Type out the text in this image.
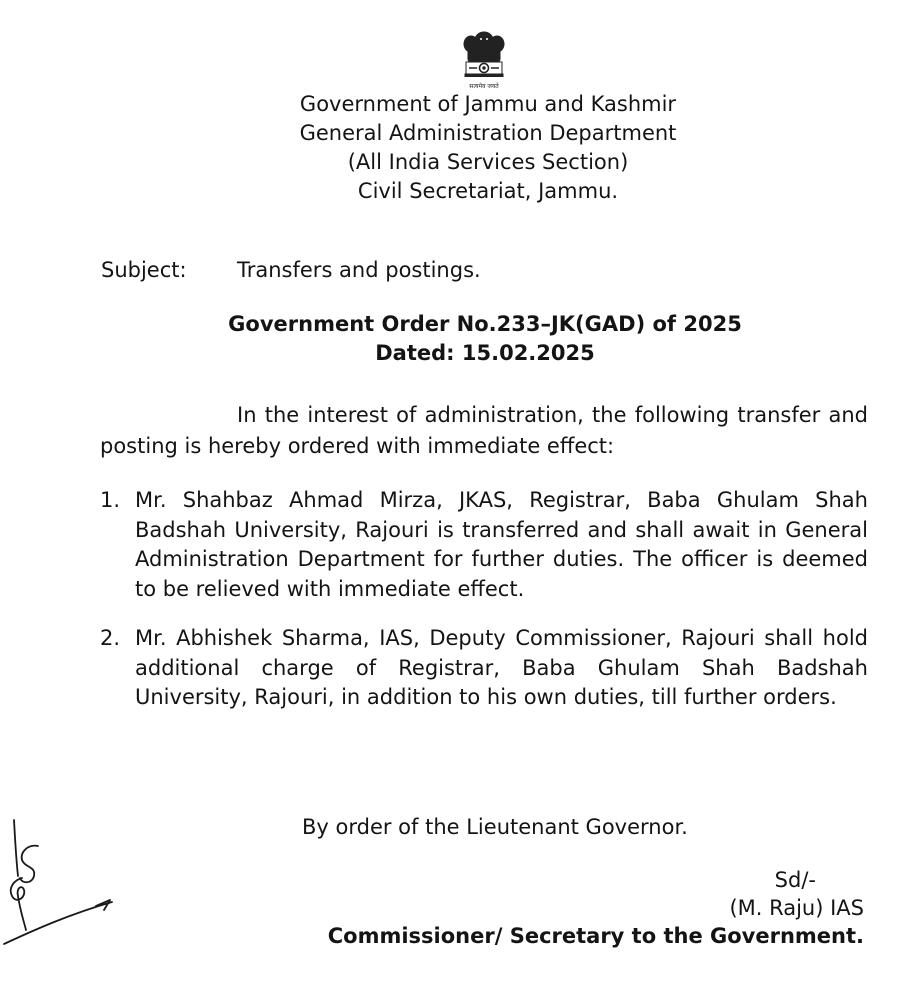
सत्यमेव जयते
Government of Jammu and Kashmir
General Administration Department
(All India Services Section)
Civil Secretariat, Jammu.
Subject: Transfers and postings.
Government Order No.233–JK(GAD) of 2025
Dated: 15.02.2025
In the interest of administration, the following transfer and posting is hereby ordered with immediate effect:
1. Mr. Shahbaz Ahmad Mirza, JKAS, Registrar, Baba Ghulam Shah Badshah University, Rajouri is transferred and shall await in General Administration Department for further duties. The officer is deemed to be relieved with immediate effect.
2. Mr. Abhishek Sharma, IAS, Deputy Commissioner, Rajouri shall hold additional charge of Registrar, Baba Ghulam Shah Badshah University, Rajouri, in addition to his own duties, till further orders.
By order of the Lieutenant Governor.
Sd/-
(M. Raju) IAS
Commissioner/ Secretary to the Government.
